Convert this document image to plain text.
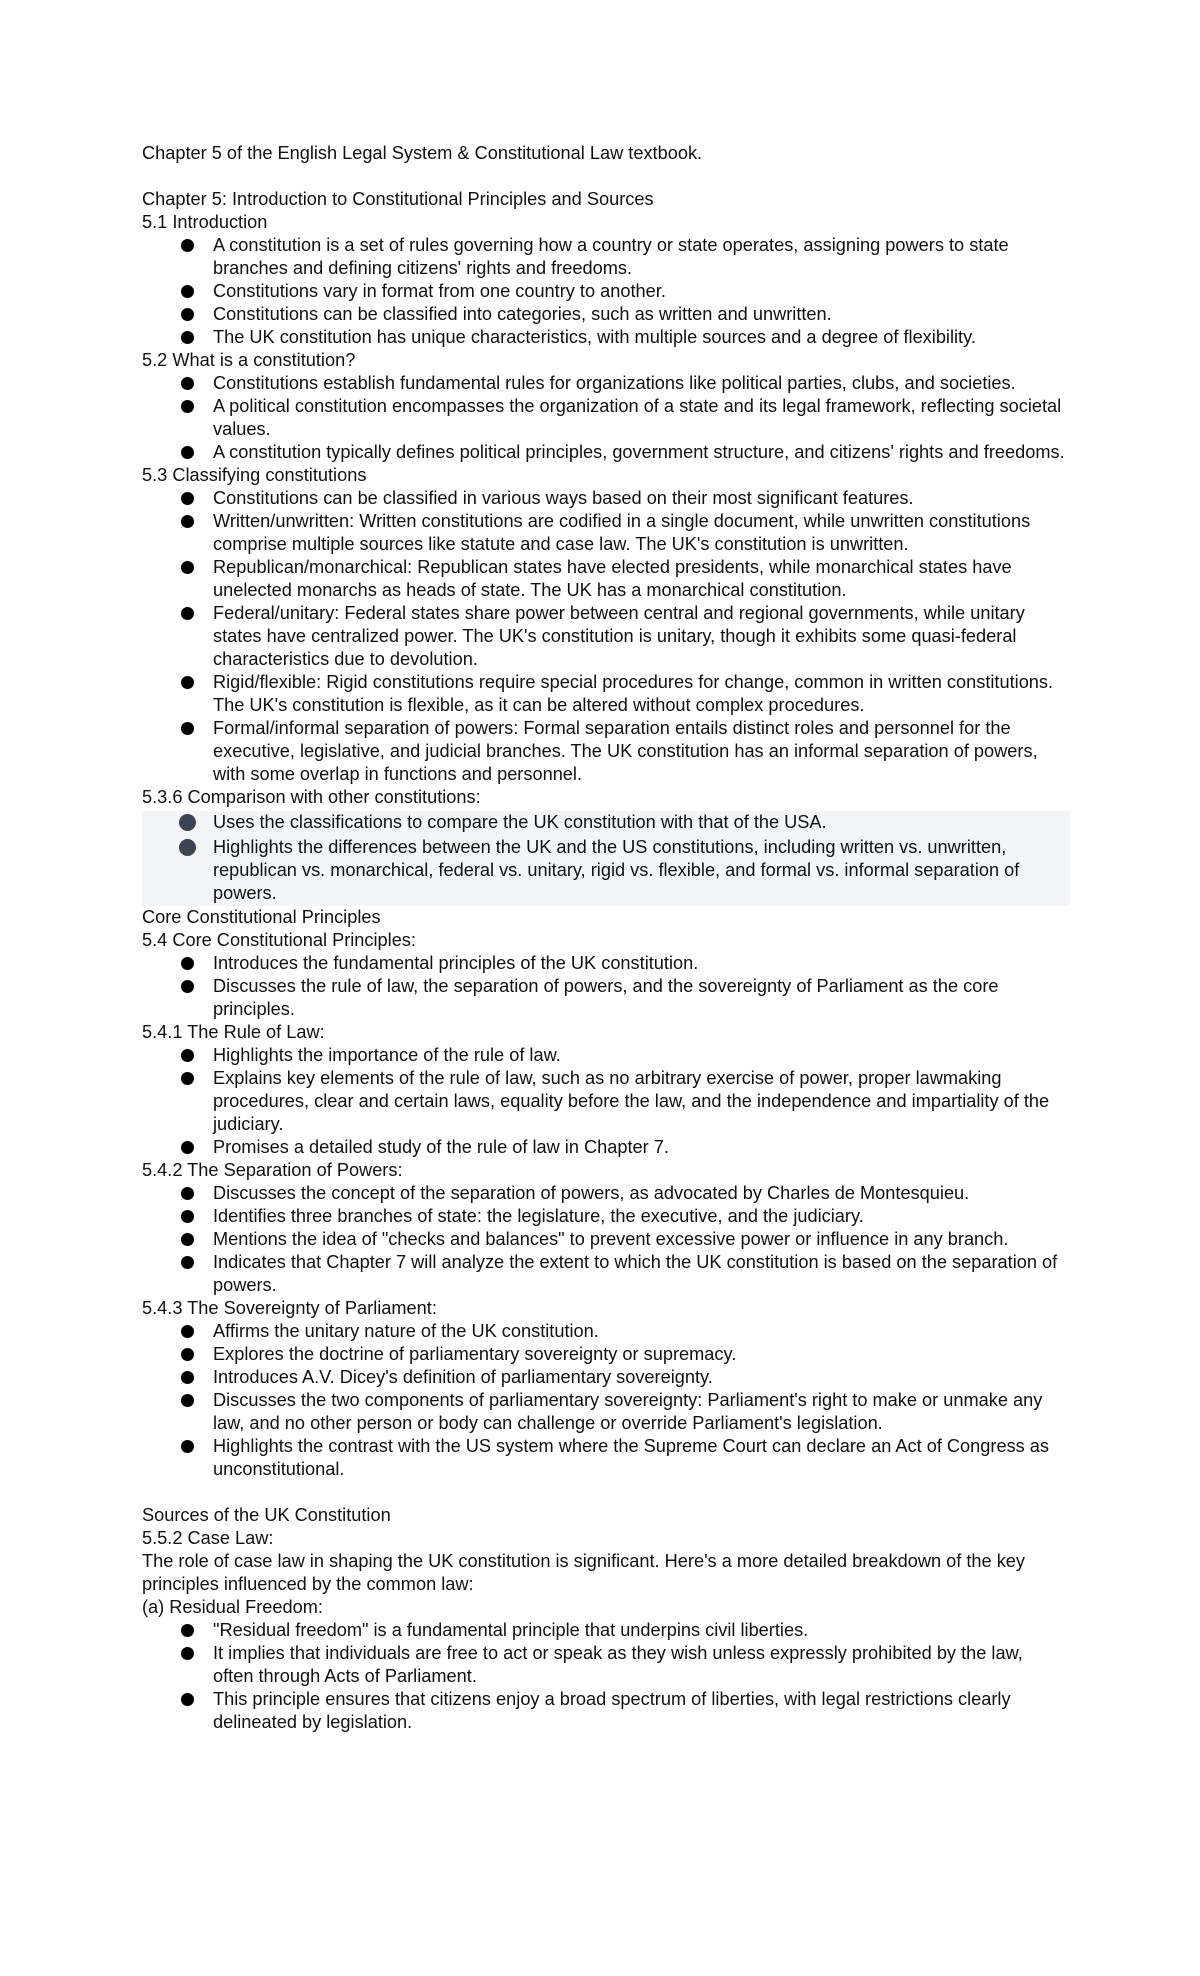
Chapter 5 of the English Legal System & Constitutional Law textbook.

Chapter 5: Introduction to Constitutional Principles and Sources

5.1 Introduction

A constitution is a set of rules governing how a country or state operates, assigning powers to state branches and defining citizens' rights and freedoms.
Constitutions vary in format from one country to another.
Constitutions can be classified into categories, such as written and unwritten.
The UK constitution has unique characteristics, with multiple sources and a degree of flexibility.

5.2 What is a constitution?

Constitutions establish fundamental rules for organizations like political parties, clubs, and societies.
A political constitution encompasses the organization of a state and its legal framework, reflecting societal values.
A constitution typically defines political principles, government structure, and citizens' rights and freedoms.

5.3 Classifying constitutions

Constitutions can be classified in various ways based on their most significant features.
Written/unwritten: Written constitutions are codified in a single document, while unwritten constitutions comprise multiple sources like statute and case law. The UK's constitution is unwritten.
Republican/monarchical: Republican states have elected presidents, while monarchical states have unelected monarchs as heads of state. The UK has a monarchical constitution.
Federal/unitary: Federal states share power between central and regional governments, while unitary states have centralized power. The UK's constitution is unitary, though it exhibits some quasi-federal characteristics due to devolution.
Rigid/flexible: Rigid constitutions require special procedures for change, common in written constitutions. The UK's constitution is flexible, as it can be altered without complex procedures.
Formal/informal separation of powers: Formal separation entails distinct roles and personnel for the executive, legislative, and judicial branches. The UK constitution has an informal separation of powers, with some overlap in functions and personnel.

5.3.6 Comparison with other constitutions:

Uses the classifications to compare the UK constitution with that of the USA.
Highlights the differences between the UK and the US constitutions, including written vs. unwritten, republican vs. monarchical, federal vs. unitary, rigid vs. flexible, and formal vs. informal separation of powers.

Core Constitutional Principles

5.4 Core Constitutional Principles:

Introduces the fundamental principles of the UK constitution.
Discusses the rule of law, the separation of powers, and the sovereignty of Parliament as the core principles.

5.4.1 The Rule of Law:

Highlights the importance of the rule of law.
Explains key elements of the rule of law, such as no arbitrary exercise of power, proper lawmaking procedures, clear and certain laws, equality before the law, and the independence and impartiality of the judiciary.
Promises a detailed study of the rule of law in Chapter 7.

5.4.2 The Separation of Powers:

Discusses the concept of the separation of powers, as advocated by Charles de Montesquieu.
Identifies three branches of state: the legislature, the executive, and the judiciary.
Mentions the idea of "checks and balances" to prevent excessive power or influence in any branch.
Indicates that Chapter 7 will analyze the extent to which the UK constitution is based on the separation of powers.

5.4.3 The Sovereignty of Parliament:

Affirms the unitary nature of the UK constitution.
Explores the doctrine of parliamentary sovereignty or supremacy.
Introduces A.V. Dicey's definition of parliamentary sovereignty.
Discusses the two components of parliamentary sovereignty: Parliament's right to make or unmake any law, and no other person or body can challenge or override Parliament's legislation.
Highlights the contrast with the US system where the Supreme Court can declare an Act of Congress as unconstitutional.

Sources of the UK Constitution

5.5.2 Case Law:

The role of case law in shaping the UK constitution is significant. Here's a more detailed breakdown of the key principles influenced by the common law:

(a) Residual Freedom:

"Residual freedom" is a fundamental principle that underpins civil liberties.
It implies that individuals are free to act or speak as they wish unless expressly prohibited by the law, often through Acts of Parliament.
This principle ensures that citizens enjoy a broad spectrum of liberties, with legal restrictions clearly delineated by legislation.
